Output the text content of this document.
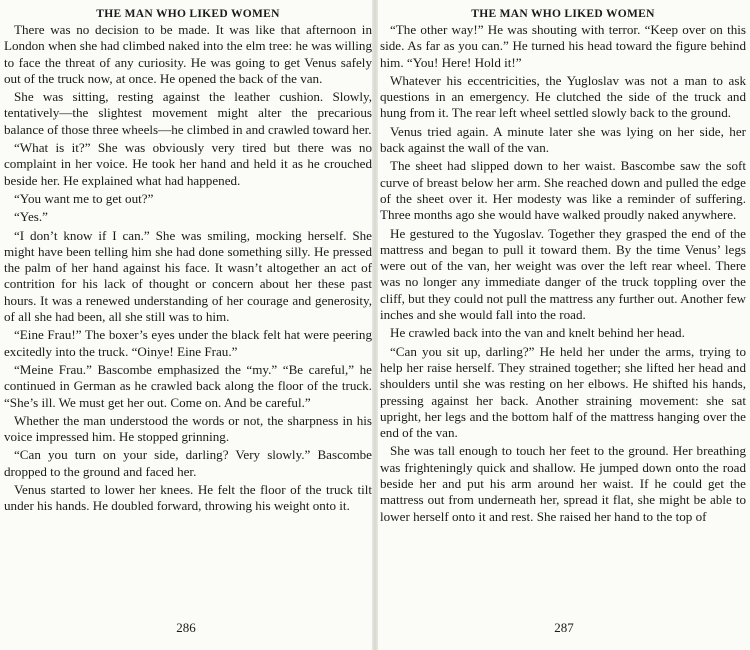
THE MAN WHO LIKED WOMEN

There was no decision to be made. It was like that afternoon in London when she had climbed naked into the elm tree: he was willing to face the threat of any curiosity. He was going to get Venus safely out of the truck now, at once. He opened the back of the van.

She was sitting, resting against the leather cushion. Slowly, tentatively—the slightest movement might alter the precarious balance of those three wheels—he climbed in and crawled toward her.

“What is it?” She was obviously very tired but there was no complaint in her voice. He took her hand and held it as he crouched beside her. He explained what had happened.

“You want me to get out?”

“Yes.”

“I don’t know if I can.” She was smiling, mocking herself. She might have been telling him she had done something silly. He pressed the palm of her hand against his face. It wasn’t altogether an act of contrition for his lack of thought or concern about her these past hours. It was a renewed understanding of her courage and generosity, of all she had been, all she still was to him.

“Eine Frau!” The boxer’s eyes under the black felt hat were peering excitedly into the truck. “Oinye! Eine Frau.”

“Meine Frau.” Bascombe emphasized the “my.” “Be careful,” he continued in German as he crawled back along the floor of the truck. “She’s ill. We must get her out. Come on. And be careful.”

Whether the man understood the words or not, the sharpness in his voice impressed him. He stopped grinning.

“Can you turn on your side, darling? Very slowly.” Bascombe dropped to the ground and faced her.

Venus started to lower her knees. He felt the floor of the truck tilt under his hands. He doubled forward, throwing his weight onto it.

286
THE MAN WHO LIKED WOMEN

“The other way!” He was shouting with terror. “Keep over on this side. As far as you can.” He turned his head toward the figure behind him. “You! Here! Hold it!”

Whatever his eccentricities, the Yugloslav was not a man to ask questions in an emergency. He clutched the side of the truck and hung from it. The rear left wheel settled slowly back to the ground.

Venus tried again. A minute later she was lying on her side, her back against the wall of the van.

The sheet had slipped down to her waist. Bascombe saw the soft curve of breast below her arm. She reached down and pulled the edge of the sheet over it. Her modesty was like a reminder of suffering. Three months ago she would have walked proudly naked anywhere.

He gestured to the Yugoslav. Together they grasped the end of the mattress and began to pull it toward them. By the time Venus’ legs were out of the van, her weight was over the left rear wheel. There was no longer any immediate danger of the truck toppling over the cliff, but they could not pull the mattress any further out. Another few inches and she would fall into the road.

He crawled back into the van and knelt behind her head.

“Can you sit up, darling?” He held her under the arms, trying to help her raise herself. They strained together; she lifted her head and shoulders until she was resting on her elbows. He shifted his hands, pressing against her back. Another straining movement: she sat upright, her legs and the bottom half of the mattress hanging over the end of the van.

She was tall enough to touch her feet to the ground. Her breathing was frighteningly quick and shallow. He jumped down onto the road beside her and put his arm around her waist. If he could get the mattress out from underneath her, spread it flat, she might be able to lower herself onto it and rest. She raised her hand to the top of

287
